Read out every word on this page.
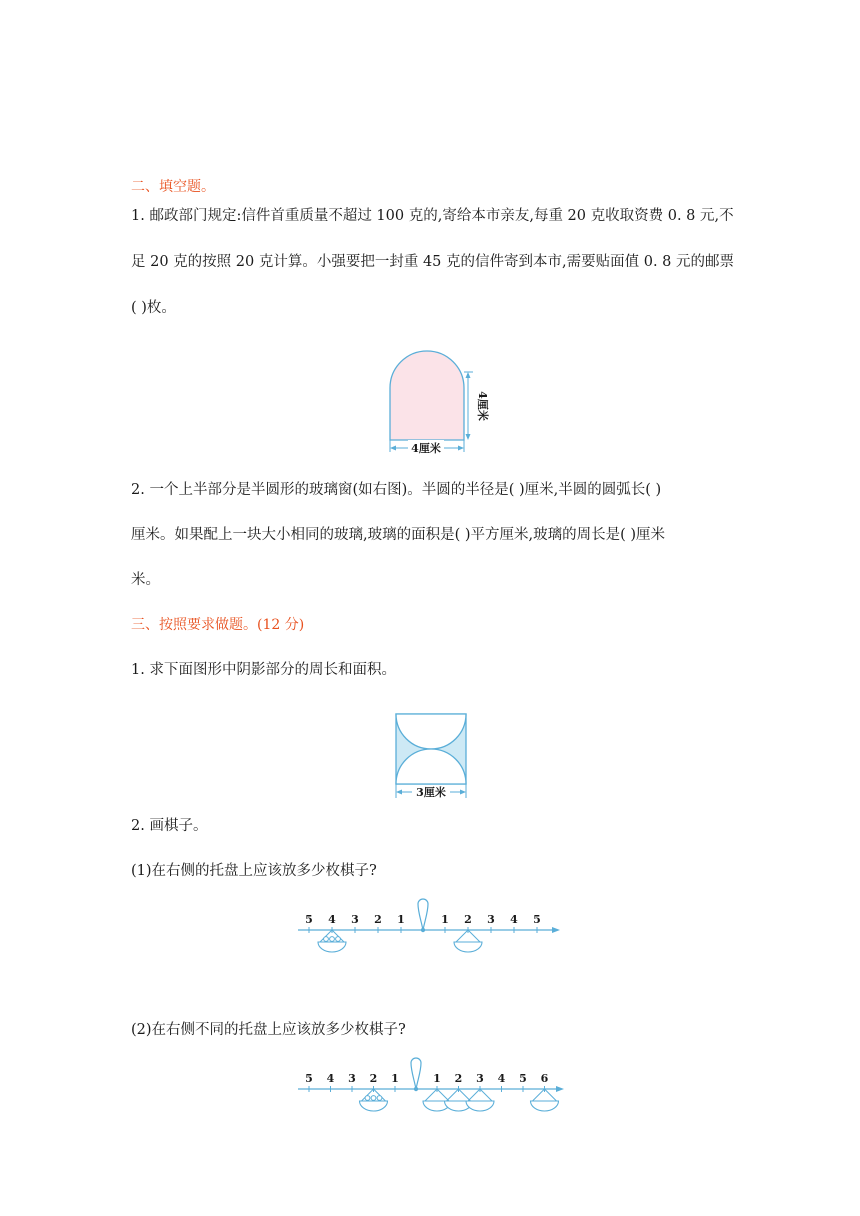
二、填空题。
1. 邮政部门规定:信件首重质量不超过 100 克的,寄给本市亲友,每重 20 克收取资费 0. 8 元,不
足 20 克的按照 20 克计算。小强要把一封重 45 克的信件寄到本市,需要贴面值 0. 8 元的邮票
( )枚。
4厘米
4厘米
2. 一个上半部分是半圆形的玻璃窗(如右图)。半圆的半径是( )厘米,半圆的圆弧长( )
厘米。如果配上一块大小相同的玻璃,玻璃的面积是( )平方厘米,玻璃的周长是( )厘米
米。
三、按照要求做题。(12 分)
1. 求下面图形中阴影部分的周长和面积。
3厘米
2. 画棋子。
(1)在右侧的托盘上应该放多少枚棋子?
5 4 3 2 1	1 2 3 4 5
(2)在右侧不同的托盘上应该放多少枚棋子?
5 4 3 2 1	1 2 3 4 5 6
